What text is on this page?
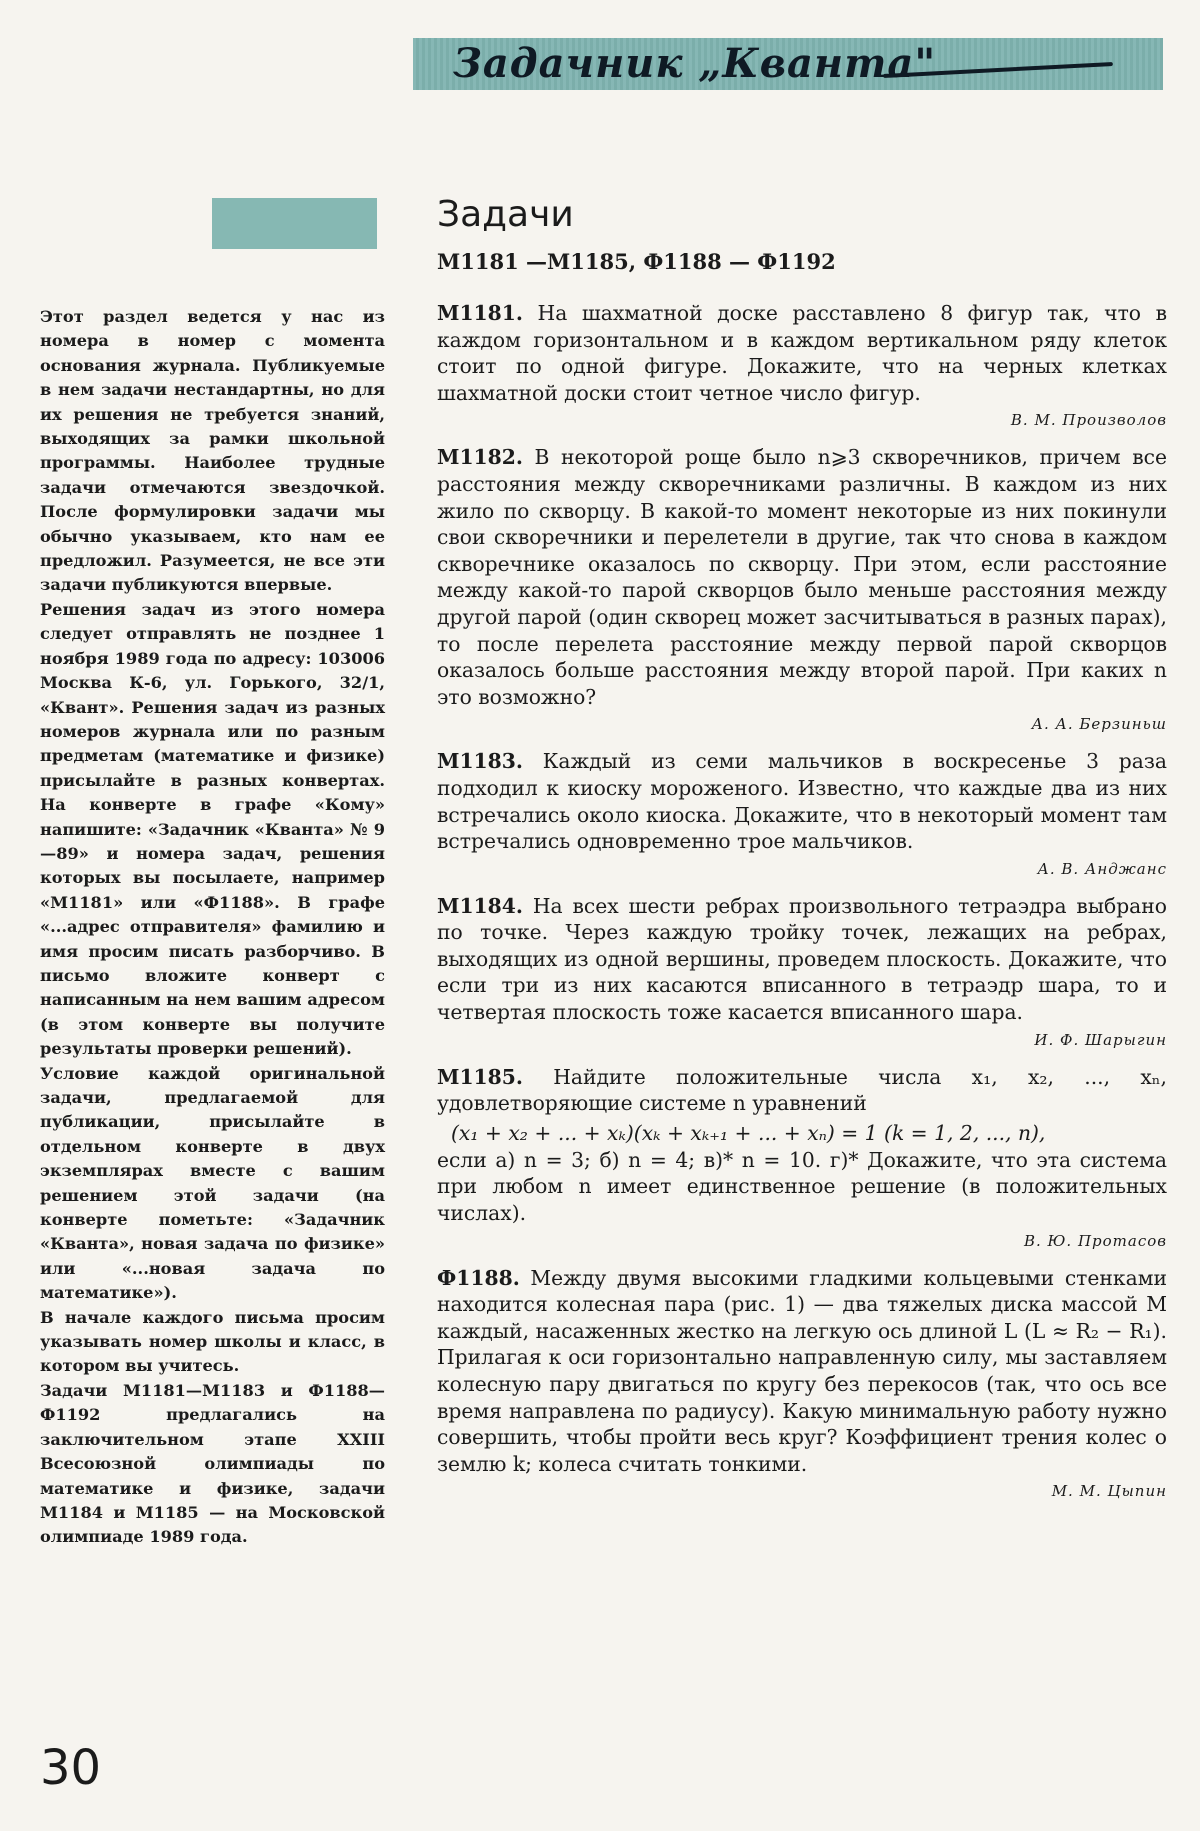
Задачник „Кванта"
Задачи
М1181 —М1185, Ф1188 — Ф1192

Этот раздел ведется у нас из номера в номер с момента основания журнала. Публикуемые в нем задачи нестандартны, но для их решения не требуется знаний, выходящих за рамки школьной программы. Наиболее трудные задачи отмечаются звездочкой. После формулировки задачи мы обычно указываем, кто нам ее предложил. Разумеется, не все эти задачи публикуются впервые.

Решения задач из этого номера следует отправлять не позднее 1 ноября 1989 года по адресу: 103006 Москва К-6, ул. Горького, 32/1, «Квант». Решения задач из разных номеров журнала или по разным предметам (математике и физике) присылайте в разных конвертах. На конверте в графе «Кому» напишите: «Задачник «Кванта» № 9—89» и номера задач, решения которых вы посылаете, например «М1181» или «Ф1188». В графе «...адрес отправителя» фамилию и имя просим писать разборчиво. В письмо вложите конверт с написанным на нем вашим адресом (в этом конверте вы получите результаты проверки решений).

Условие каждой оригинальной задачи, предлагаемой для публикации, присылайте в отдельном конверте в двух экземплярах вместе с вашим решением этой задачи (на конверте пометьте: «Задачник «Кванта», новая задача по физике» или «...новая задача по математике»).

В начале каждого письма просим указывать номер школы и класс, в котором вы учитесь.

Задачи М1181—М1183 и Ф1188—Ф1192 предлагались на заключительном этапе XXIII Всесоюзной олимпиады по математике и физике, задачи М1184 и М1185 — на Московской олимпиаде 1989 года.

М1181. На шахматной доске расставлено 8 фигур так, что в каждом горизонтальном и в каждом вертикальном ряду клеток стоит по одной фигуре. Докажите, что на черных клетках шахматной доски стоит четное число фигур.

В. М. Произволов

М1182. В некоторой роще было n⩾3 скворечников, причем все расстояния между скворечниками различны. В каждом из них жило по скворцу. В какой-то момент некоторые из них покинули свои скворечники и перелетели в другие, так что снова в каждом скворечнике оказалось по скворцу. При этом, если расстояние между какой-то парой скворцов было меньше расстояния между другой парой (один скворец может засчитываться в разных парах), то после перелета расстояние между первой парой скворцов оказалось больше расстояния между второй парой. При каких n это возможно?

А. А. Берзиньш

М1183. Каждый из семи мальчиков в воскресенье 3 раза подходил к киоску мороженого. Известно, что каждые два из них встречались около киоска. Докажите, что в некоторый момент там встречались одновременно трое мальчиков.

А. В. Анджанс

М1184. На всех шести ребрах произвольного тетраэдра выбрано по точке. Через каждую тройку точек, лежащих на ребрах, выходящих из одной вершины, проведем плоскость. Докажите, что если три из них касаются вписанного в тетраэдр шара, то и четвертая плоскость тоже касается вписанного шара.

И. Ф. Шарыгин

М1185. Найдите положительные числа x₁, x₂, ..., xₙ, удовлетворяющие системе n уравнений

(x₁ + x₂ + ... + xₖ)(xₖ + xₖ₊₁ + ... + xₙ) = 1 (k = 1, 2, ..., n),

если а) n = 3; б) n = 4; в)* n = 10. г)* Докажите, что эта система при любом n имеет единственное решение (в положительных числах).

В. Ю. Протасов

Ф1188. Между двумя высокими гладкими кольцевыми стенками находится колесная пара (рис. 1) — два тяжелых диска массой M каждый, насаженных жестко на легкую ось длиной L (L ≈ R₂ − R₁). Прилагая к оси горизонтально направленную силу, мы заставляем колесную пару двигаться по кругу без перекосов (так, что ось все время направлена по радиусу). Какую минимальную работу нужно совершить, чтобы пройти весь круг? Коэффициент трения колес о землю k; колеса считать тонкими.

М. М. Цыпин
30
